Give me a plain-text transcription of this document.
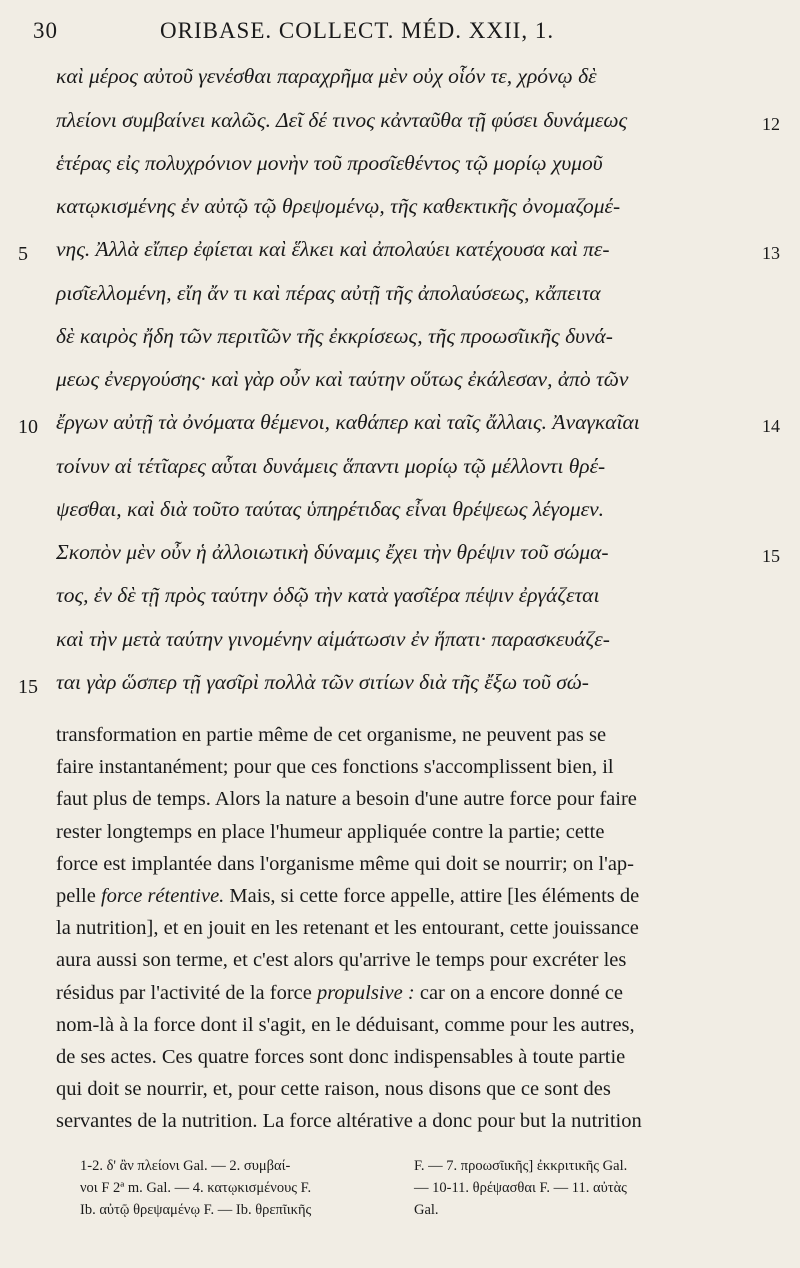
30	ORIBASE. COLLECT. MÉD. XXII, 1.
καὶ μέρος αὐτοῦ γενέσθαι παραχρῆμα μὲν οὐχ οἷόν τε, χρόνῳ δὲ
πλείονι συμβαίνει καλῶς. Δεῖ δέ τινος κἀνταῦθα τῇ φύσει δυνάμεως
ἑτέρας εἰς πολυχρόνιον μονὴν τοῦ προσῖεθέντος τῷ μορίῳ χυμοῦ
κατῳκισμένης ἐν αὐτῷ τῷ θρεψομένῳ, τῆς καθεκτικῆς ὀνομαζομέ-
νης. Ἀλλὰ εἴπερ ἐφίεται καὶ ἕλκει καὶ ἀπολαύει κατέχουσα καὶ πε-
ρισῖελλομένη, εἴη ἄν τι καὶ πέρας αὐτῇ τῆς ἀπολαύσεως, κἄπειτα
δὲ καιρὸς ἤδη τῶν περιτῖῶν τῆς ἐκκρίσεως, τῆς προωσῖικῆς δυνά-
μεως ἐνεργούσης· καὶ γὰρ οὖν καὶ ταύτην οὕτως ἐκάλεσαν, ἀπὸ τῶν
ἔργων αὐτῇ τὰ ὀνόματα θέμενοι, καθάπερ καὶ ταῖς ἄλλαις. Ἀναγκαῖαι
τοίνυν αἱ τέτῖαρες αὗται δυνάμεις ἅπαντι μορίῳ τῷ μέλλοντι θρέ-
ψεσθαι, καὶ διὰ τοῦτο ταύτας ὑπηρέτιδας εἶναι θρέψεως λέγομεν.
Σκοπὸν μὲν οὖν ἡ ἀλλοιωτικὴ δύναμις ἔχει τὴν θρέψιν τοῦ σώμα-
τος, ἐν δὲ τῇ πρὸς ταύτην ὁδῷ τὴν κατὰ γασῖέρα πέψιν ἐργάζεται
καὶ τὴν μετὰ ταύτην γινομένην αἱμάτωσιν ἐν ἥπατι· παρασκευάζε-
ται γὰρ ὥσπερ τῇ γασῖρὶ πολλὰ τῶν σιτίων διὰ τῆς ἔξω τοῦ σώ-
5
10
15
12
13
14
15
transformation en partie même de cet organisme, ne peuvent pas se
faire instantanément; pour que ces fonctions s'accomplissent bien, il
faut plus de temps. Alors la nature a besoin d'une autre force pour faire
rester longtemps en place l'humeur appliquée contre la partie; cette
force est implantée dans l'organisme même qui doit se nourrir; on l'ap-
pelle force rétentive. Mais, si cette force appelle, attire [les éléments de
la nutrition], et en jouit en les retenant et les entourant, cette jouissance
aura aussi son terme, et c'est alors qu'arrive le temps pour excréter les
résidus par l'activité de la force propulsive : car on a encore donné ce
nom-là à la force dont il s'agit, en le déduisant, comme pour les autres,
de ses actes. Ces quatre forces sont donc indispensables à toute partie
qui doit se nourrir, et, pour cette raison, nous disons que ce sont des
servantes de la nutrition. La force altérative a donc pour but la nutrition
1-2. δ' ἂν πλείονι Gal. — 2. συμβαί-
νοι F 2ª m. Gal. — 4. κατῳκισμένους F.
Ib. αὐτῷ θρεψαμένῳ F. — Ib. θρεπῖικῆς
F. — 7. προωσῖικῆς] ἐκκριτικῆς Gal.
— 10-11. θρέψασθαι F. — 11. αὐτὰς
Gal.
